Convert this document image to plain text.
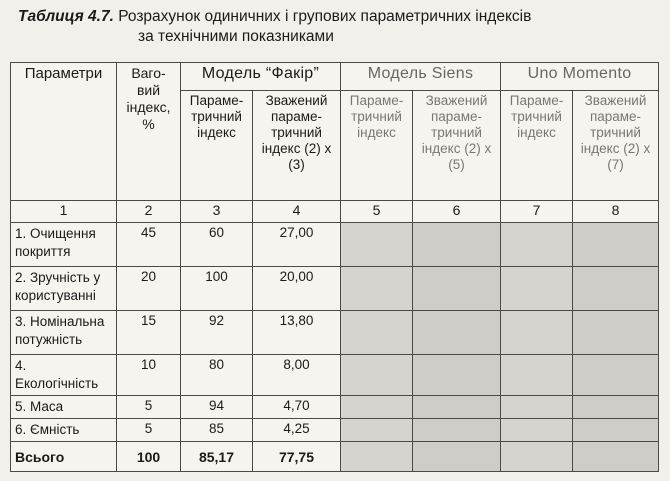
Таблиця 4.7. Розрахунок одиничних і групових параметричних індексів
за технічними показниками
Параметри	Ваго-вий індекс, %	Модель “Факір”		Модель Siens		Uno Momento	
		Параме-тричний індекс	Зважений параме-тричний індекс (2) x (3)	Параме-тричний індекс	Зважений параме-тричний індекс (2) x (5)	Параме-тричний індекс	Зважений параме-тричний індекс (2) x (7)
1	2	3	4	5	6	7	8
1. Очищення покриття	45	60	27,00				
2. Зручність у користуванні	20	100	20,00				
3. Номінальна потужність	15	92	13,80				
4. Екологічність	10	80	8,00				
5. Маса	5	94	4,70				
6. Ємність	5	85	4,25				
Всього	100	85,17	77,75				
